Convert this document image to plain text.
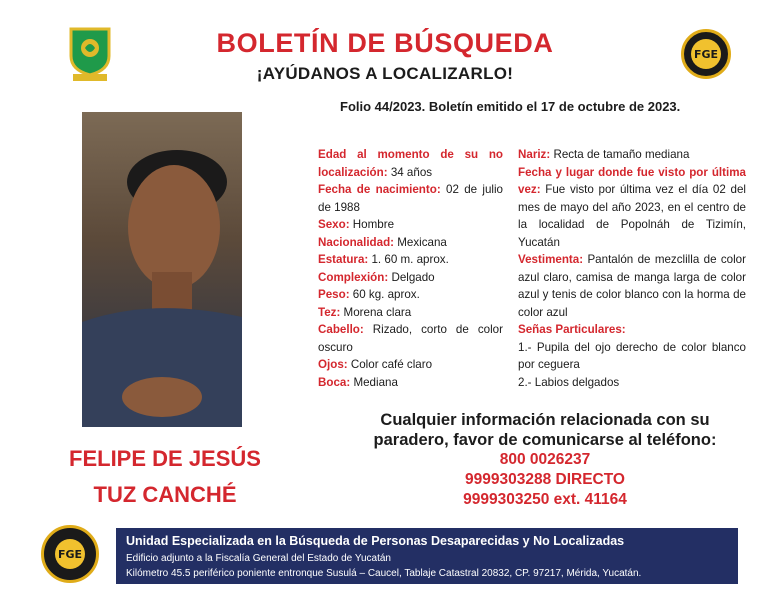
BOLETÍN DE BÚSQUEDA
¡AYÚDANOS A LOCALIZARLO!
FGE
Folio 44/2023. Boletín emitido el 17 de octubre de 2023.
FELIPE DE JESÚS
TUZ CANCHÉ

Edad al momento de su no localización: 34 años

Fecha de nacimiento: 02 de julio de 1988

Sexo: Hombre

Nacionalidad: Mexicana

Estatura: 1. 60 m. aprox.

Complexión: Delgado

Peso: 60 kg. aprox.

Tez: Morena clara

Cabello: Rizado, corto de color oscuro

Ojos: Color café claro

Boca: Mediana

Nariz: Recta de tamaño mediana

Fecha y lugar donde fue visto por última vez: Fue visto por última vez el día 02 del mes de mayo del año 2023, en el centro de la localidad de Popolnáh de Tizimín, Yucatán

Vestimenta: Pantalón de mezclilla de color azul claro, camisa de manga larga de color azul y tenis de color blanco con la horma de color azul

Señas Particulares:

1.- Pupila del ojo derecho de color blanco por ceguera

2.- Labios delgados

Cualquier información relacionada con su
paradero, favor de comunicarse al teléfono:
800 0026237
9999303288 DIRECTO
9999303250 ext. 41164
FGE
Unidad Especializada en la Búsqueda de Personas Desaparecidas y No Localizadas
Edificio adjunto a la Fiscalía General del Estado de Yucatán
Kilómetro 45.5 periférico poniente entronque Susulá – Caucel, Tablaje Catastral 20832, CP. 97217, Mérida, Yucatán.
